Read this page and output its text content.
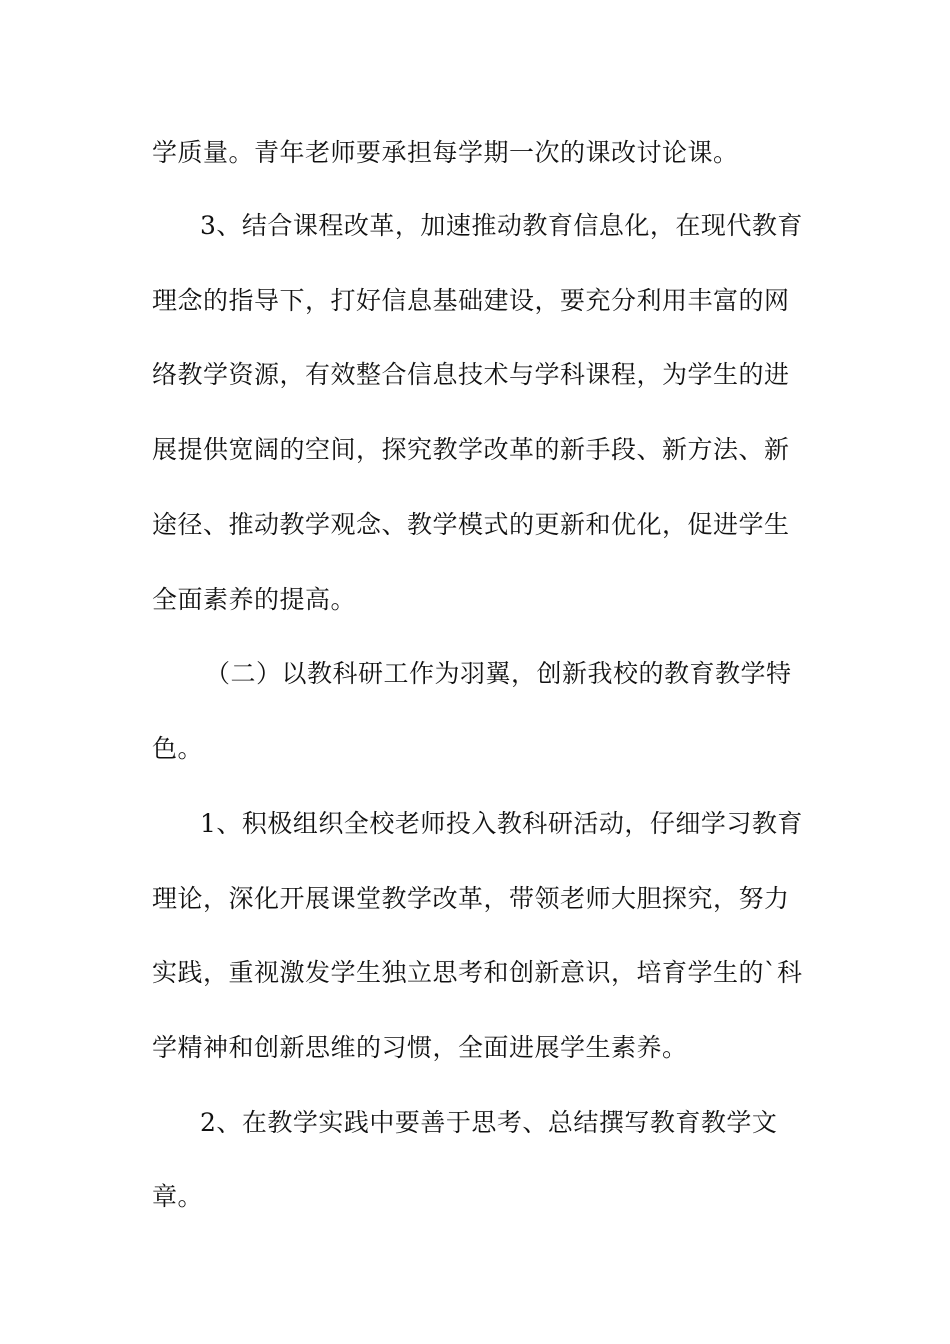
学质量。青年老师要承担每学期一次的课改讨论课。
3、结合课程改革，加速推动教育信息化，在现代教育
理念的指导下，打好信息基础建设，要充分利用丰富的网
络教学资源，有效整合信息技术与学科课程，为学生的进
展提供宽阔的空间，探究教学改革的新手段、新方法、新
途径、推动教学观念、教学模式的更新和优化，促进学生
全面素养的提高。
（二）以教科研工作为羽翼，创新我校的教育教学特
色。
1、积极组织全校老师投入教科研活动，仔细学习教育
理论，深化开展课堂教学改革，带领老师大胆探究，努力
实践，重视激发学生独立思考和创新意识，培育学生的`科
学精神和创新思维的习惯，全面进展学生素养。
2、在教学实践中要善于思考、总结撰写教育教学文
章。
